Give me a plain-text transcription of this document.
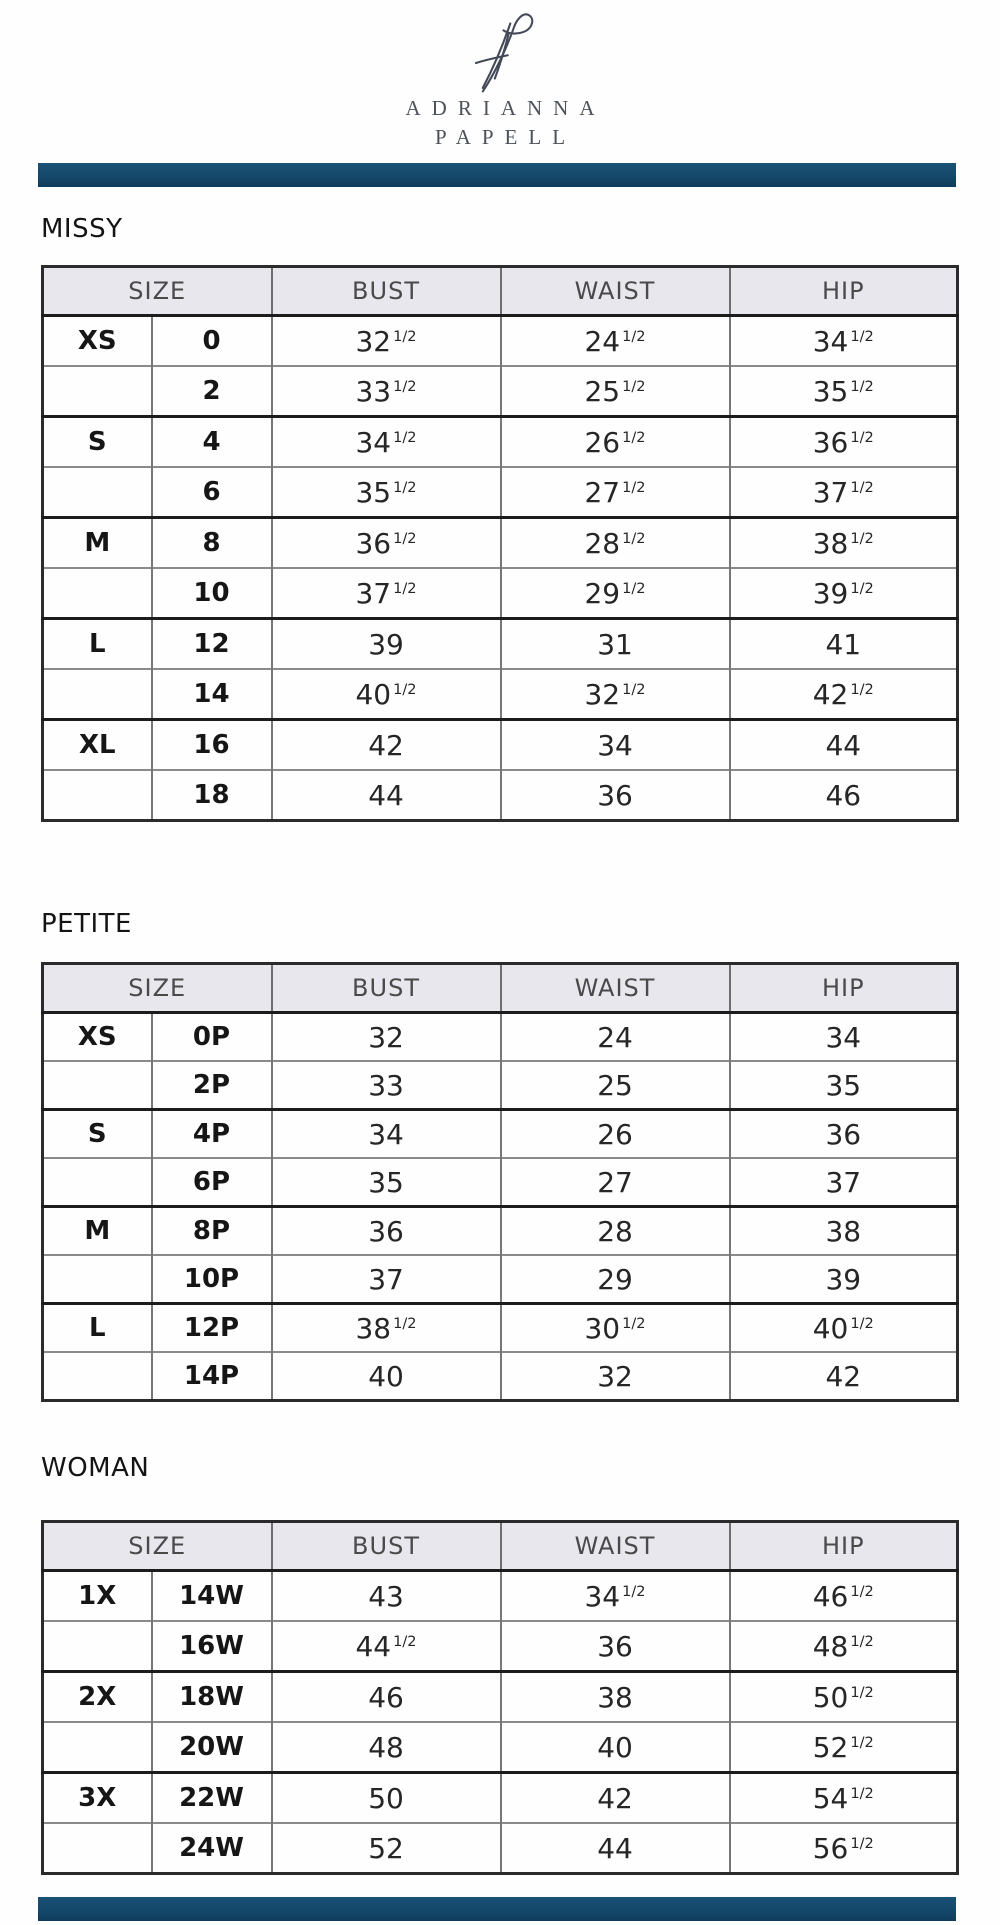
ADRIANNA
PAPELL
MISSY
SIZE		BUST	WAIST	HIP
XS	0	32 $^{1/2}$	24 $^{1/2}$	34 $^{1/2}$
	2	33 $^{1/2}$	25 $^{1/2}$	35 $^{1/2}$
S	4	34 $^{1/2}$	26 $^{1/2}$	36 $^{1/2}$
	6	35 $^{1/2}$	27 $^{1/2}$	37 $^{1/2}$
M	8	36 $^{1/2}$	28 $^{1/2}$	38 $^{1/2}$
	10	37 $^{1/2}$	29 $^{1/2}$	39 $^{1/2}$
L	12	39	31	41
	14	40 $^{1/2}$	32 $^{1/2}$	42 $^{1/2}$
XL	16	42	34	44
	18	44	36	46
PETITE
SIZE		BUST	WAIST	HIP
XS	0P	32	24	34
	2P	33	25	35
S	4P	34	26	36
	6P	35	27	37
M	8P	36	28	38
	10P	37	29	39
L	12P	38 $^{1/2}$	30 $^{1/2}$	40 $^{1/2}$
	14P	40	32	42
WOMAN
SIZE		BUST	WAIST	HIP
1X	14W	43	34 $^{1/2}$	46 $^{1/2}$
	16W	44 $^{1/2}$	36	48 $^{1/2}$
2X	18W	46	38	50 $^{1/2}$
	20W	48	40	52 $^{1/2}$
3X	22W	50	42	54 $^{1/2}$
	24W	52	44	56 $^{1/2}$
